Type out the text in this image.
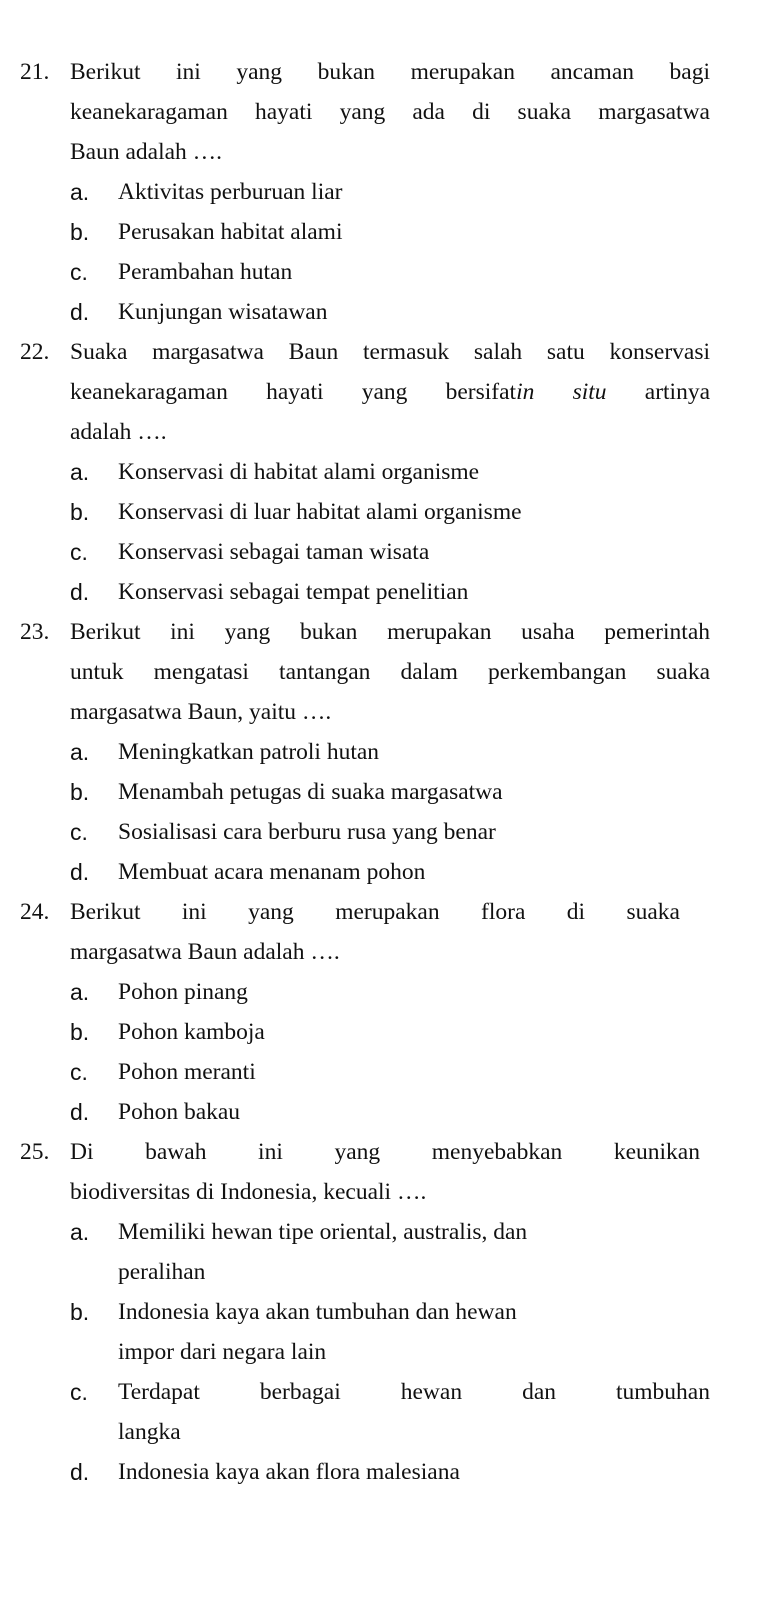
21. Berikut ini yang bukan merupakan ancaman bagi
keanekaragaman hayati yang ada di suaka margasatwa
Baun adalah ….
a.	Aktivitas perburuan liar
b.	Perusakan habitat alami
c.	Perambahan hutan
d.	Kunjungan wisatawan
22. Suaka margasatwa Baun termasuk salah satu konservasi
keanekaragaman hayati yang bersifatin situ artinya
adalah ….
a.	Konservasi di habitat alami organisme
b.	Konservasi di luar habitat alami organisme
c.	Konservasi sebagai taman wisata
d.	Konservasi sebagai tempat penelitian
23. Berikut ini yang bukan merupakan usaha pemerintah
untuk mengatasi tantangan dalam perkembangan suaka
margasatwa Baun, yaitu ….
a.	Meningkatkan patroli hutan
b.	Menambah petugas di suaka margasatwa
c.	Sosialisasi cara berburu rusa yang benar
d.	Membuat acara menanam pohon
24. Berikut ini yang merupakan flora di suaka
margasatwa Baun adalah ….
a.	Pohon pinang
b.	Pohon kamboja
c.	Pohon meranti
d.	Pohon bakau
25. Di bawah ini yang menyebabkan keunikan
biodiversitas di Indonesia, kecuali ….
a.	Memiliki hewan tipe oriental, australis, dan
peralihan
b.	Indonesia kaya akan tumbuhan dan hewan
impor dari negara lain
c.	Terdapat berbagai hewan dan tumbuhan
langka
d.	Indonesia kaya akan flora malesiana
